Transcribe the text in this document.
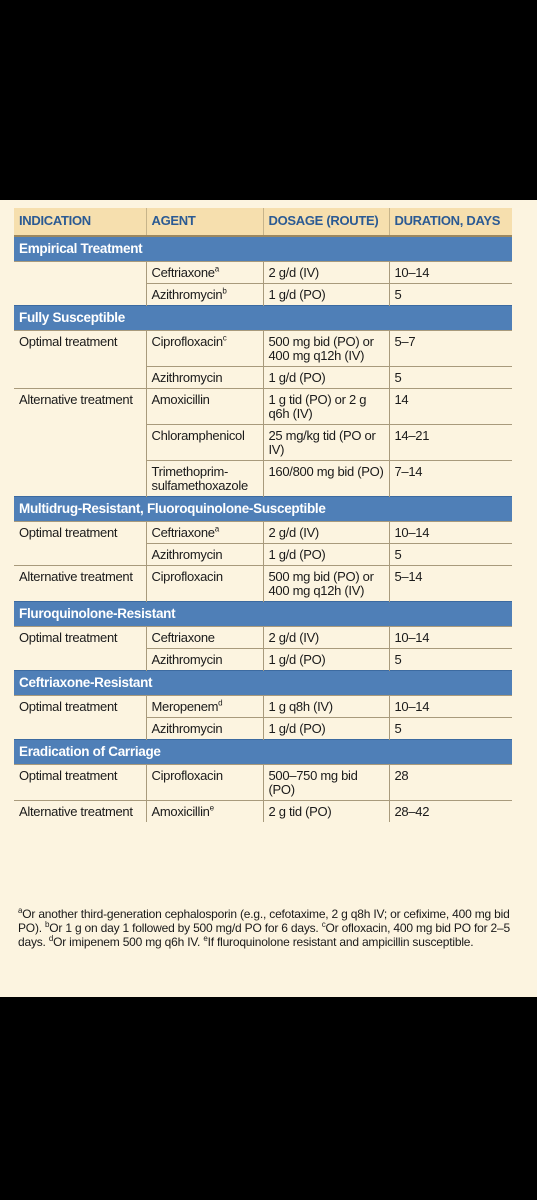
INDICATION	AGENT	DOSAGE (ROUTE)	DURATION, DAYS
Empirical Treatment			
	Ceftriaxone$^a$	2 g/d (IV)	10–14
	Azithromycin$^b$	1 g/d (PO)	5
Fully Susceptible			
Optimal treatment	Ciprofloxacin$^c$	500 mg bid (PO) or 400 mg q12h (IV)	5–7
	Azithromycin	1 g/d (PO)	5
Alternative treatment	Amoxicillin	1 g tid (PO) or 2 g q6h (IV)	14
	Chloramphenicol	25 mg/kg tid (PO or IV)	14–21
	Trimethoprim-sulfamethoxazole	160/800 mg bid (PO)	7–14
Multidrug-Resistant, Fluoroquinolone-Susceptible			
Optimal treatment	Ceftriaxone$^a$	2 g/d (IV)	10–14
	Azithromycin	1 g/d (PO)	5
Alternative treatment	Ciprofloxacin	500 mg bid (PO) or 400 mg q12h (IV)	5–14
Fluroquinolone-Resistant			
Optimal treatment	Ceftriaxone	2 g/d (IV)	10–14
	Azithromycin	1 g/d (PO)	5
Ceftriaxone-Resistant			
Optimal treatment	Meropenem$^d$	1 g q8h (IV)	10–14
	Azithromycin	1 g/d (PO)	5
Eradication of Carriage			
Optimal treatment	Ciprofloxacin	500–750 mg bid (PO)	28
Alternative treatment	Amoxicillin$^e$	2 g tid (PO)	28–42
$^a$Or another third-generation cephalosporin (e.g., cefotaxime, 2 g q8h IV; or cefixime, 400 mg bid PO). $^b$Or 1 g on day 1 followed by 500 mg/d PO for 6 days. $^c$Or ofloxacin, 400 mg bid PO for 2–5 days. $^d$Or imipenem 500 mg q6h IV. $^e$If fluroquinolone resistant and ampicillin susceptible.
